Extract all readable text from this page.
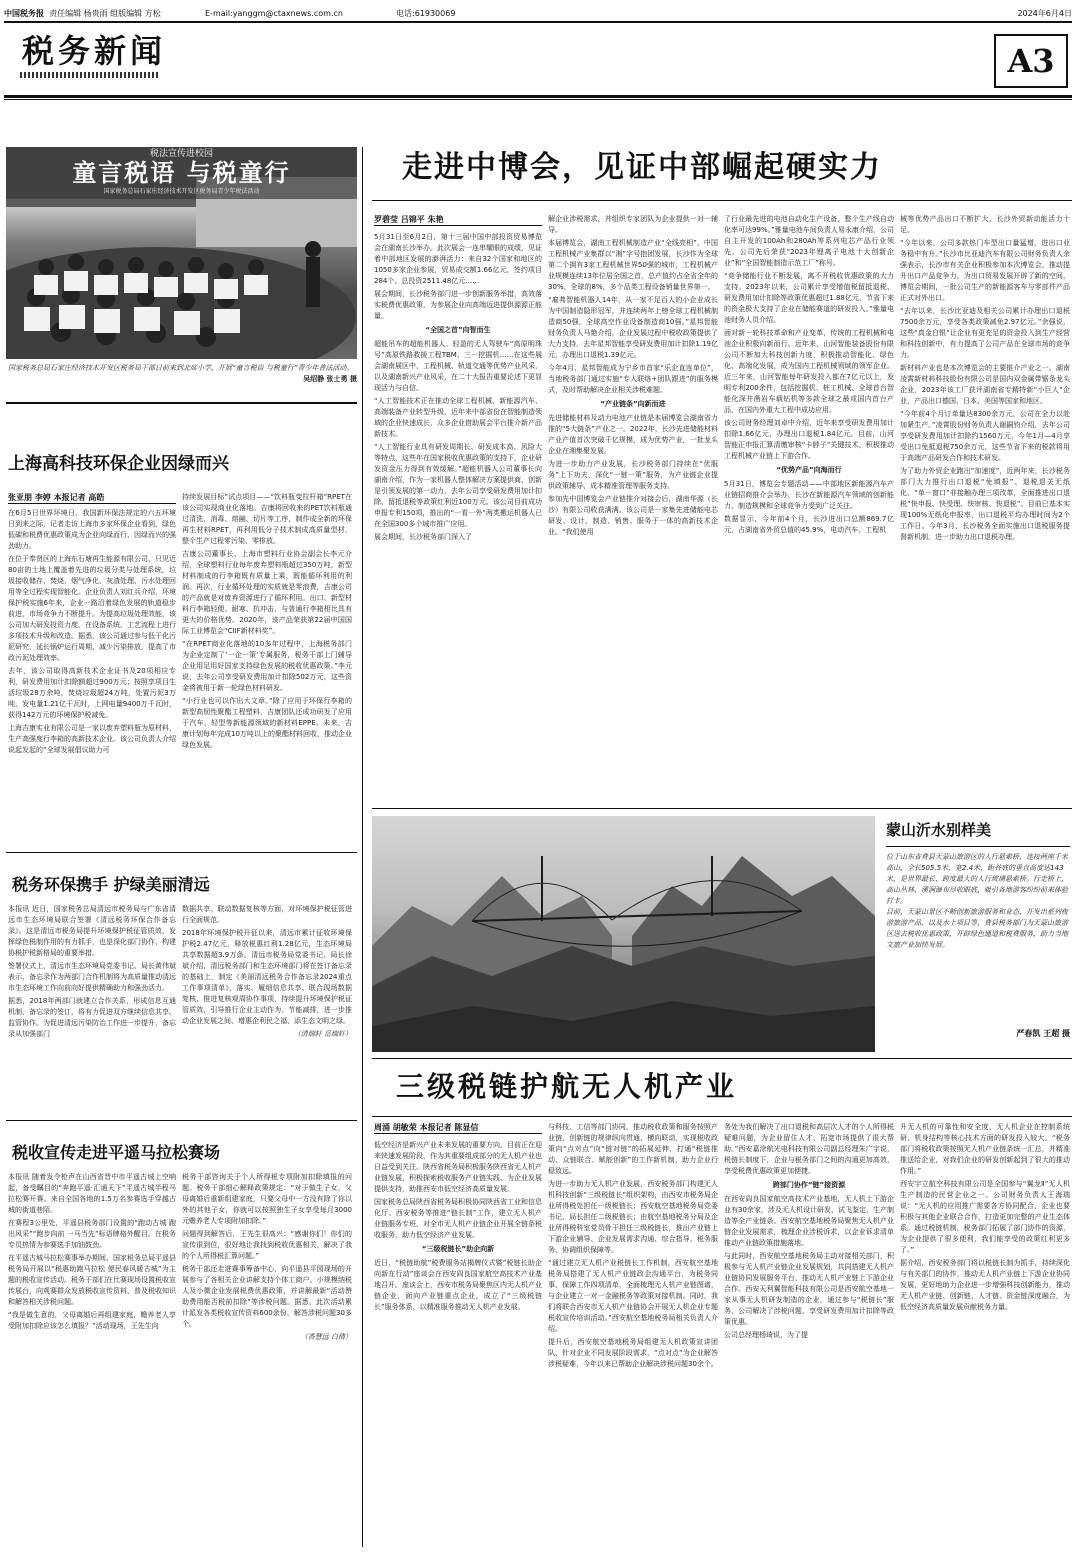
中国税务报 责任编辑 杨贵雨 组版编辑 方松	E-mail:yanggm@ctaxnews.com.cn	电话:61930069	2024年6月4日
税务新闻	A3
税法宣传进校园
童言税语 与税童行
国家税务总局石家庄经济技术开发区税务局青少年税法活动
国家税务总局石家庄经济技术开发区税务局干部日前来到北席小学，开展“童言税语 与税童行”青少年普法活动。
吴绍静 张士勇 摄
上海高科技环保企业因绿而兴
张亚朋 李婷 本报记者 高皓

在6月5日世界环境日、我国新环保法规定的六五环境日到来之际，记者走访上海市多家环保企业看到，绿色低碳和税费优惠政策成为企业向绿而行、因绿而兴的强劲助力。

在位于奉贤区的上海东石塘再生能源有限公司，只见近80亩的土地上覆盖着先进的垃圾分类与处理系统，垃圾接收储存、焚烧、烟气净化、灰渣处理、污水处理回用等全过程实现智能化。企业负责人刘红兵介绍，环境保护税实施6年来，企业一路沿着绿色发展的轨道稳步前进，市场竞争力不断提升。为提高垃圾处理效能，该公司加大研发投资力度，在设备系统、工艺流程上进行多项技术升级和改造。据悉，该公司通过参与低干化污泥研究，延长锅炉运行周期，减少污染排放，提高了市政污泥处理效率。

去年，该公司取得高新技术企业证书及20项相应专利，研发费用加计扣除额超过900万元；按照享项目生活垃圾28万余吨，焚烧垃圾超24万吨，处置污泥3万吨，发电量1.21亿千瓦时，上网电量9400万千瓦时，获得142万元的环境保护税减免。

上海吉康实业有限公司是一家以废弃塑料瓶为原材料，生产高强度行李箱的高新技术企业。该公司负责人介绍说起发起的“全球发展倡议助力可

持续发展目标”试点项目——“饮料瓶变拉杆箱”RPET在该公司实现商业化落地。吉康将回收来的PET饮料瓶通过清洗、消毒、熔融、切片等工序，制作成全新的环保再生材料RPET，再利用低分子技术制成高质量型材，整个生产过程零污染、零排放。

吉康公司董事长、上海市塑料行业协会副会长李元介绍，全球塑料行业每年废弃塑料瓶超过350万吨，新型材料制成的行李箱既有质量上乘，既能循环利用的利润。再次，行业循环处理的实质就是零浪费，吉康公司的产品就是对废弃资源进行了循环利用。出口、新型材料行李箱轻便、耐寒、抗冲击，与普通行李箱相比具有更大的价格优势。2020年，该产品荣获第22届中国国际工业博览会“CIIF新材料奖”。

“在RPET商业化落地的10多年过程中，上海税务部门为企业定制了‘一企一策’专属服务，税务干部上门辅导企业用足用好国家支持绿色发展的税收优惠政策。”李元说，去年公司享受研发费用加计扣除502万元，这些资金将被用于新一轮绿色材料研发。

“小行业也可以作出大文章。”除了应用于环保行李箱的新型高韧性聚酯工程塑料，吉康团队还成功研发了应用于汽车、轻型等新能源领域的新材料EPPE。未来，吉康计划每年完成10万吨以上的聚酯材料回收，推动企业绿色发展。

税务环保携手 护绿美丽清远

本报讯 近日，国家税务总局清远市税务局与广东省清远市生态环境局联合签署《清远税务环保合作备忘录》。这是清远市税务局提升环境保护税征管质效、发挥绿色税制作用的有力抓手，也是深化部门协作、构建协税护税新格局的重要举措。

签署仪式上，清远市生态环境局党委书记、局长黄伟斌表示，备忘录作为两部门合作机制将为高质量推动清远市生态环境工作向前向好提供精确助力和强劲活力。

据悉，2018年两部门就建立合作关系，形成信息互通机制，备忘录的签订，将有力促进双方继续信息共享、监管协作。为促进清远污染防治工作进一步提升，备忘录从加强部门

数据共享、联动数据复核等方面，对环境保护税征管进行全面规范。

2018年环境保护税开征以来，清远市累计征收环境保护税2.47亿元，释放税惠红利1.28亿元，生态环境局共享数据超3.9万条。清远市税务局党委书记、局长徐斌介绍，清远税务部门和生态环境部门将在签订备忘录的基础上，制定《美丽清远税务合作备忘录2024重点工作事项清单》，落实、履细信息共享、联合现场数据复核、推进复核观周协作事项，持续提升环境保护税征管质效，引导推行企业主动作为、节能减排，进一步推动企业发展之间、增惠企利民之福、添生态文明之绿。

（清瑞轩 岳瑞轩）

税收宣传走进平遥马拉松赛场

本报讯 随着发令枪声在山西省晋中市平遥古城上空响起，备受瞩目的“奔跑平遥·汇通天下”平遥古城半程马拉松赛开赛。来自全国各地的1.5万名参赛选手穿越古城的街道巷陌。

在赛程3公里处，平遥县税务部门设置的“跑动古城 跑出风采”“跑步向前 一马当先”标语牌格外醒目。在税务专员热情为参赛选手加油鼓劲。

在平遥古城马拉松赛事举办期间，国家税务总局平遥县税务局开展以“税惠助跑马拉松 便民春风暖古城”为主题的税收宣传活动。税务干部们在比赛现场设置税收宣传展台，向观赛群众发放税收宣传资料，普及税收知识和解答相关涉税问题。

“我是做生意的，父母离婚后再组建家庭，赡养老人享受附加扣除应该怎么填报？”活动现场，王先生向

税务干部咨询关于个人所得税专项附加扣除填报的问题。税务干部细心解释政策规定：“对于做生子女，父母离婚后重新组建家庭，只要父母中一方没有除了你以外的其他子女，你就可以按照独生子女享受每月3000元赡养老人专项附加扣除。”

问题得到解答后，王先生很高兴：“感谢你们！你们的宣传很到位，很好地让我找到税收优惠相关，解决了我的个人所得税汇算问题。”

税务干部还走进赛事筹备中心，向平遥县平园现场的开展参与了各相关企业讲解支持个体工商户、小规模纳税人及小微企业发展税费优惠政策，并讲解最新“活动赞助费用能否税前扣除”等涉税问题。据悉，此次活动累计派发各类税收宣传资料600余份，解答涉税问题30多个。

（香慧远 白倩）

走进中博会，见证中部崛起硬实力
罗碧莹 吕锦平 朱艳

5月31日至6月2日，第十三届中国中部投资贸易博览会在湖南长沙举办。此次展会一连串耀眼的成绩，见证着中部地区发展的澎湃活力：来自32个国家和地区的1050多家企业参展，贸易成交额1.66亿元，签约项目284个、总投资2511.48亿元……

展会期间，长沙税务部门进一步创新服务举措，高效落实税费优惠政策，为参展企业向高端迈进提供源源正能量。

“全国之首”向智而生

超能吊车的超能机器人、轻盈的无人驾驶车“高原明珠号”高原铁路救援工程TBM、三一挖掘机……在这些展会湖南展区中，工程机械、轨道交通等优势产业风采，以及湖南新兴产业风采，在二十大报告重要论述下更显现活力与自信。

“人工智能技术正在推动全球工程机械、新能源汽车、高端装备产业转型升级，近年来中部省份在智能制造领域的企业快速成长，众多企业借助展会平台推介新产品新技术。

“人工智能行业具有研发周期长、研发成本高、风险大等特点，这些年在国家税收优惠政策的支持下，企业研发资金压力得到有效缓解。”超能机器人公司董事长向湖南介绍，作为一家机器人整体解决方案提供商，创新是引领发展的第一动力，去年公司享受研发费用加计扣除、留抵退税等政策红利近100万元。该公司目前成功申报专利150项，推出的“一看一外”两类搬运机器人已在全国300多个城市推广应用。

展会期间，长沙税务部门深入了

解企业涉税需求，并组织专家团队为企业提供一对一辅导。

本届博览会，湖南工程机械制造产业“全线亮相”，中国工程机械产业集群以“湘”字号抱团发展，长沙作为全球第二个拥有3家工程机械世界50强的城市，工程机械产业规模连续13年位居全国之首，总产值约占全省全年的30%、全球的8%，多个品类工程设备销量世界第一。

“雇弗智能机器人14年，从一家不足百人的小企业成长为中国制造隐形冠军，并连续两年上榜全球工程机械制造商50强，全球高空作业设备制造商10强。”星邦智能财务负责人马艳介绍，企业发展过程中税收政策提供了大力支持，去年星邦智能享受研发费用加计扣除1.19亿元，办理出口退税1.39亿元。

今年4月，星邦智能成为宁乡市首家“乐企直连单位”，当地税务部门通过实施“专人联络+团队跟进”的服务模式，及时帮助解决企业相关涉税难题。

“产业链条”向新而进

先进储能材料及动力电池产业链是本届博览会湖南省力推的“5大链条”产业之一。2022年，长沙先进储能材料产业产值首次突破千亿规模，成为优势产业，一批龙头企业在湘集聚发展。

为进一步助力产业发展，长沙税务部门持续在“优服务”上下功夫，深化“一链一策”服务，为产业链企业提供政策辅导、成本精准管理等服务支持。

参加先中国博览会产业链推介对接会后，湖南华源（长沙）有限公司收获满满。该公司是一家集先进储能电芯研发、设计、制造、销售、服务于一体的高新技术企业。“我们使用

了行业最先进的电池自动化生产设备，整个生产线自动化率可达99%。”雅量电池车间负责人易永康介绍，公司自主开发的100Ah和280Ah等系列电芯产品行业领先，公司先后荣获“2023年锂离子电池十大创新企业”和“全国智能制造示范工厂”称号。

“竞争储能行业不断发展，离不开税收优惠政策的大力支持。2023年以来，公司累计享受增值税留抵退税、研发费用加计扣除等政策优惠超过1.88亿元，节省下来的资金极大支持了企业在储能赛道的研发投入。”雅量电池财务人员介绍。

面对新一轮科技革命和产业变革，传统的工程机械和电池企业积极向新而行。近年来，山河智能装备股份有限公司不断加大科技创新力度，积极推动智能化、绿色化、高端化发展，成为国内工程机械领域的领军企业。近三年来，山河智能每年研发投入都在7亿元以上，发明专利200余件，包括挖掘机、桩工机械、全球首台智能化深井凿岩车载钻机等多款全球之最或国内首台产品，在国内外重大工程中成功应用。

该公司财务经理刘卓中介绍，近年来享受研发费用加计扣除1.66亿元，办理出口退税1.84亿元。目前，山河智能正申报汇算清缴审核“卡脖子”关键技术，积极推动工程机械产业链上下游合作。

“优势产品”向海而行

5月31日，博览会专题活动——中部地区新能源汽车产业链招商推介会举办，长沙在新能源汽车领域的创新能力、制造规模和全球竞争力受到广泛关注。

数据显示，今年前4个月，长沙进出口总额869.7亿元，占湖南省外贸总值的45.9%，电动汽车、工程机

械等优势产品出口不断扩大，长沙外贸新动能活力十足。

“今年以来，公司多款热门车型出口量猛增，进出口业务稳中有升。”长沙市比亚迪汽车有限公司财务负责人余强表示，长沙市有关企业积极参加本次博览会，推动提升出口产品竞争力，为出口贸易发展开辟了新的空间，博览会期间，一批公司生产的新能源客车与零部件产品正式对外出口。

“去年以来，长沙比亚迪及相关公司累计办理出口退税7500余万元，享受各类政策减免2.97亿元。”余强说，这些“真金白银”让企业有更充足的资金投入到生产经营和科技创新中，有力提高了公司产品在全球市场的竞争力。

新材料产业也是本次博览会的主要推介产业之一。湖南凌霄新材料科技股份有限公司是国内双金属带锯条龙头企业，2023年该工厂获评湖南省专精特新“小巨人”企业，产品出口德国、日本、美国等国家和地区。

“今年前4个月订单量达8300余万元，公司在全力以赴加紧生产。”凌霄股份财务负责人谢嗣钧介绍，去年公司享受研发费用加计扣除约1560万元，今年1月—4月享受出口免抵退税750余万元，这些节省下来的税款将用于高端产品研发合作和技术研发。

为了助力外贸企业跑出“加速度”，近两年来，长沙税务部门大力推行出口退税“免填报”、退税退关无纸化、“单一窗口”非接触办理三项改革，全面推进出口退税“快申报、快受理、快审核、快退税”。目前已基本实现100%无纸化申报率，出口退税平均办理时间为2个工作日。今年3月，长沙税务全面实施出口退税服务提督新机制，进一步助力出口退税办理。

蒙山沂水别样美

位于山东省费县天蒙山旅游区的人行悬索桥，连接两座千米高山，全长505.5米，宽2.4米，距谷底的垂直高度达143米，是世界最长、跨度最大的人行玻璃悬索桥。行走桥上，高山丛林、溪涧瀑布尽收眼底，吸引各地游客纷纷前来体验打卡。

目前，天蒙山景区不断创新旅游服务和业态，开发出系列夜游旅游产品，以及水上项目等，费县税务部门为天蒙山旅游区送去税收优惠政策，开辟绿色通道和税费服务，助力当地文旅产业加快发展。

严春凯 王超 摄
三级税链护航无人机产业
周涌 胡敏荣 本报记者 陈显信

低空经济是新兴产业未来发展的重要方向，目前正在迎来快速发展阶段，作为其重要组成部分的无人机产业也日益受到关注。陕西省税务局积极服务陕西省无人机产业链发展，积极探索税收服务产业链实践，为企业发展提供支持，助推西安市低空经济高质量发展。

国家税务总局陕西省税务局积极协同陕西省工业和信息化厅、西安税务等推进“链长制”工作，建立无人机产业链服务专班，对全市无人机产业链企业开展全链条税收服务，助力低空经济产业发展。

“三级税链长”助企向新

近日，“税链助航”税费服务站揭牌仪式暨“税链长助企向新在行动”座谈会在西安阎良国家航空高技术产业基地召开。座谈会上，西安市税务局聚焦区内无人机产业链企业，面向产业链重点企业，成立了“三级税链长”服务体系，以精准服务推动无人机产业发展。

与科技、工信等部门协同，推动税收政策和服务按照产业链、创新链的规律纵向贯通、横向联动，实现税收政策向“点对点”向“链对链”的拓展延伸，打通“税链推动、众链联合、赋能创新”的工作新机制，助力企业行稳致远。

为进一步助力无人机产业发展，西安税务部门构建无人机科技创新“三级税链长”组织架构，由西安市税务局企业所得税处担任一级税链长；西安航空基地税务局党委书记、局长担任二级税链长；由航空基地税务分局及企业所得税科室党员骨干担任三级税链长，推出产业链上下游企业辅导、企业发展需求沟通、综合指导、税务服务、协调组织保障等。

“通过建立无人机产业税链长工作机制，西安航空基地税务局搭建了无人机产业链政企沟通平台，为税务同事、保障工作四项清单，全面梳理无人机产业链图谱，与企业建立一对一金融税务等政策对接机制。同时，我们将联合西安市无人机产业链协会开展无人机企业专题税收宣传培训活动。”西安航空基地税务局相关负责人介绍。

提升后，西安航空基地税务局组建无人机政策宣讲团队，针对企业不同发展阶段需求，“点对点”为企业解答涉税疑难，今年以来已帮助企业解决涉税问题30余个。

务处为我们解决了出口退税和高层次人才的个人所得税疑难问题，为企业留住人才、拓宽市场提供了很大帮助。”西安嘉涂航光电科技有限公司副总经理朱广宇说，税链长制度下，企业与税务部门之间的沟通更加高效，享受税费优惠政策更加便捷。

跨部门协作“链”接资源

在西安阎良国家航空高技术产业基地，无人机上下游企业有30余家，涉及无人机设计研发、试飞鉴定、生产制造等全产业链条。西安航空基地税务局聚焦无人机产业链企业发展需求，梳理企业涉税诉求，以企业诉求清单推动产业链政策措施落地。

与此同时，西安航空基地税务局主动对接相关部门，积极参与无人机产业链企业发展规划，共同搭建无人机产业链协同发展服务平台，推动无人机产业链上下游企业合作。西安天利翼智能科技有限公司是西安航空基地一家从事无人机研发制造的企业，通过参与“税链长”服务，公司解决了涉税问题，享受研发费用加计扣除等政策优惠。

公司总经理杨琦说，为了提

升无人机的可靠性和安全度，无人机企业在控制系统研、机身结构等核心技术方面的研发投入较大。“税务部门将税收政策按照无人机产业链条统一汇总，并精准推送给企业，对我们企业的研发创新起到了很大的推动作用。”

西安宇立航空科技有限公司是全国参与“翼龙Ⅱ”无人机生产制造的民营企业之一。公司财务负责人王海瑞说：“无人机的应用推广需要各方协同配合，企业也要积极与其他企业联合合作，打造更加完整的产业生态体系。通过税链机制，税务部门拓展了部门协作的资源，为企业提供了很多便利，我们能享受的政策红利更多了。”

据介绍，西安税务部门将以税链长制为抓手，持续深化与有关部门的协作，推动无人机产业链上下游企业协同发展，更好地助力企业进一步增强科技创新能力，推动无人机产业链、创新链、人才链、资金链深度融合，为低空经济高质量发展贡献税务力量。
